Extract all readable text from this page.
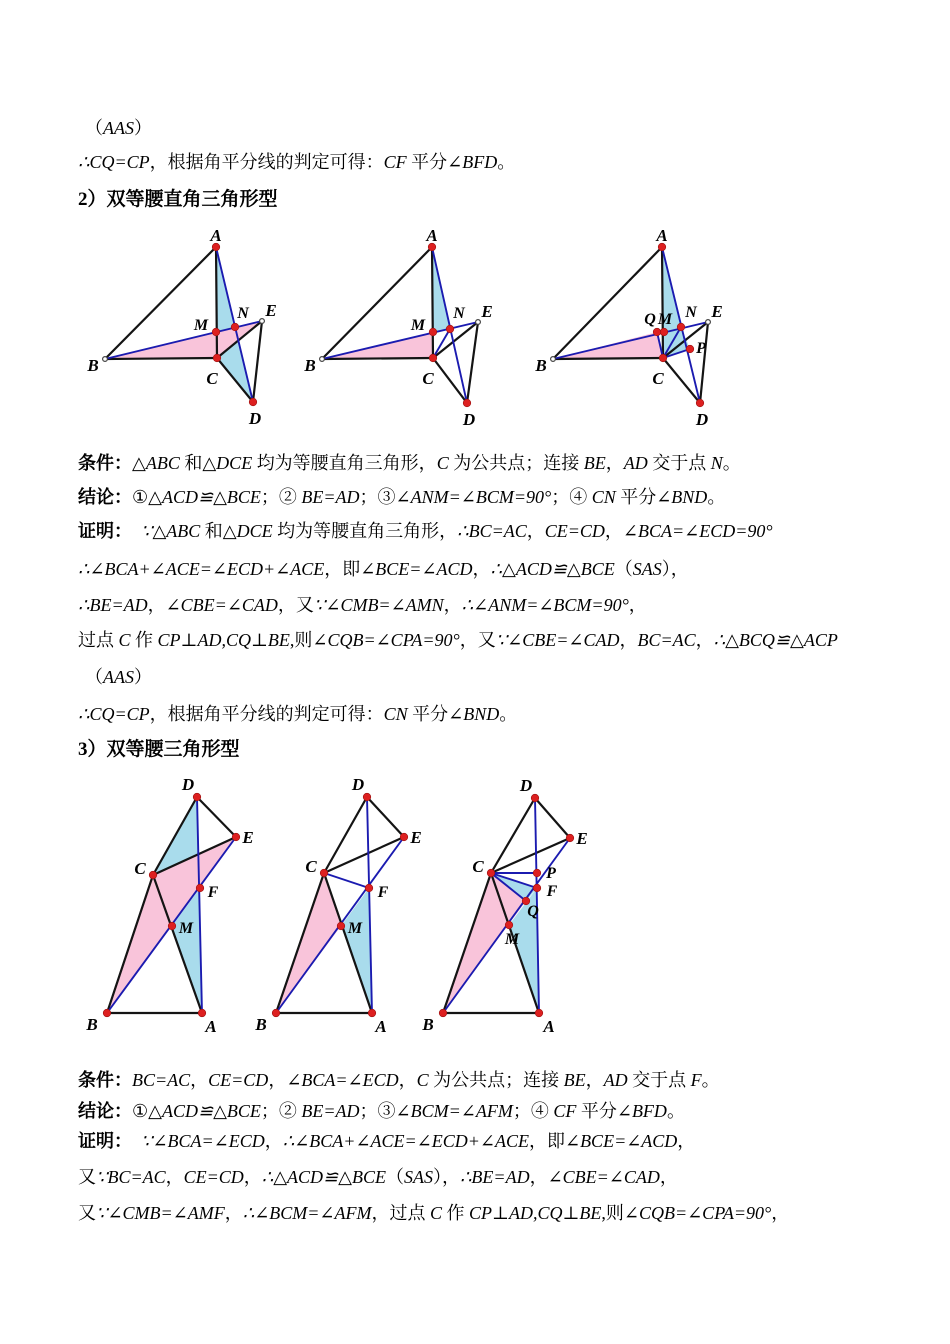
A
B
C
D
E
M
N
A
B
C
D
E
M
N
A
B
C
D
E
Q M N
P
D
E
C
F
M
B	A
D
E
C
F
M
B	A
D
E
C	P
F
Q
M
B	A
（AAS）
∴CQ=CP，根据角平分线的判定可得：CF 平分∠BFD。
2）双等腰直角三角形型
条件：△ABC 和△DCE 均为等腰直角三角形，C 为公共点；连接 BE，AD 交于点 N。
结论：①△ACD≌△BCE；② BE=AD；③∠ANM=∠BCM=90°；④ CN 平分∠BND。
证明：　 ∵△ABC 和△DCE 均为等腰直角三角形，∴BC=AC，CE=CD，∠BCA=∠ECD=90°
∴∠BCA+∠ACE=∠ECD+∠ACE，即∠BCE=∠ACD，∴△ACD≌△BCE（SAS），
∴BE=AD，∠CBE=∠CAD，又∵∠CMB=∠AMN，∴∠ANM=∠BCM=90°，
过点 C 作 CP⊥AD,CQ⊥BE,则∠CQB=∠CPA=90°，又∵∠CBE=∠CAD，BC=AC，∴△BCQ≌△ACP
（AAS）
∴CQ=CP，根据角平分线的判定可得：CN 平分∠BND。
3）双等腰三角形型
条件：BC=AC，CE=CD，∠BCA=∠ECD，C 为公共点；连接 BE，AD 交于点 F。
结论：①△ACD≌△BCE；② BE=AD；③∠BCM=∠AFM；④ CF 平分∠BFD。
证明：　 ∵∠BCA=∠ECD，∴∠BCA+∠ACE=∠ECD+∠ACE，即∠BCE=∠ACD，
又∵BC=AC，CE=CD，∴△ACD≌△BCE（SAS），∴BE=AD，∠CBE=∠CAD，
又∵∠CMB=∠AMF，∴∠BCM=∠AFM，过点 C 作 CP⊥AD,CQ⊥BE,则∠CQB=∠CPA=90°，
